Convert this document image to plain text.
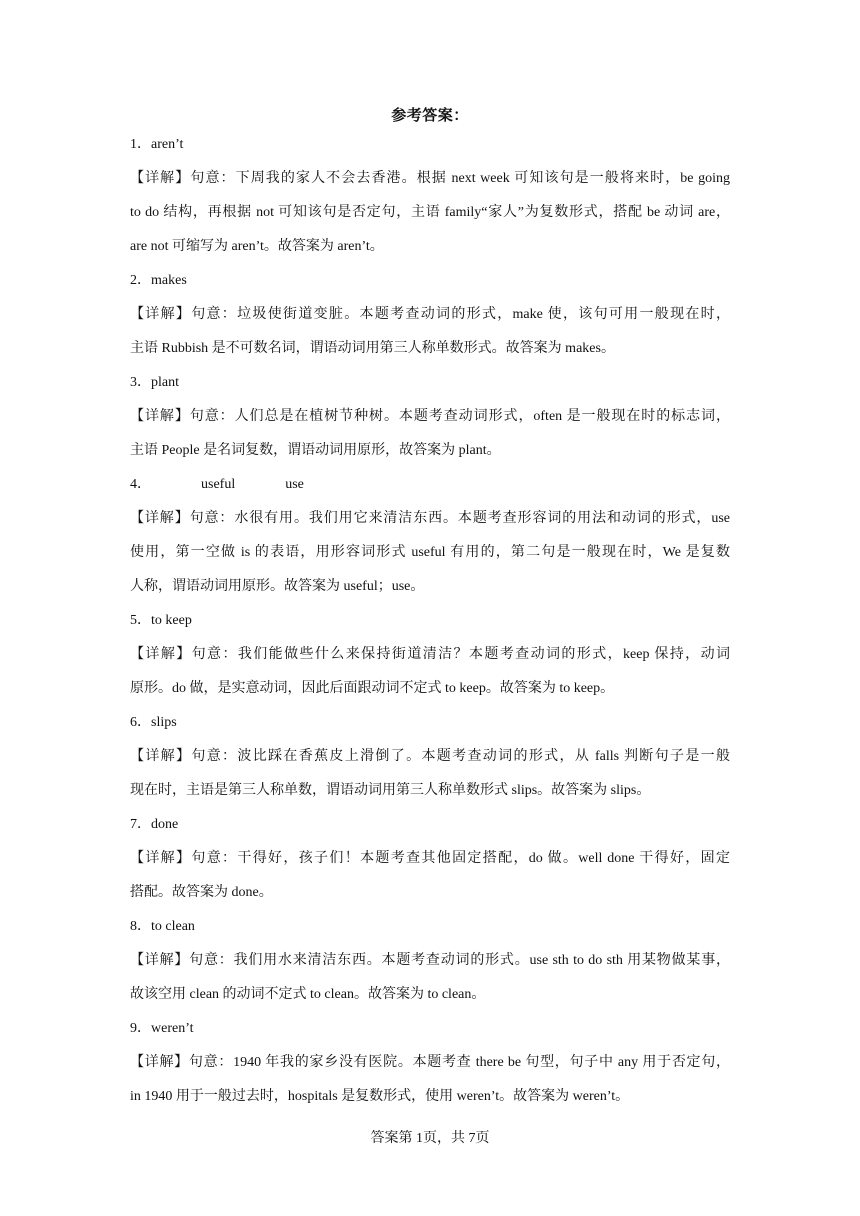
参考答案：
1．aren’t
【详解】句意：下周我的家人不会去香港。根据 next week 可知该句是一般将来时，be going
to do 结构，再根据 not 可知该句是否定句，主语 family“家人”为复数形式，搭配 be 动词 are，
are not 可缩写为 aren’t。故答案为 aren’t。
2．makes
【详解】句意：垃圾使街道变脏。本题考查动词的形式，make 使，该句可用一般现在时，
主语 Rubbish 是不可数名词，谓语动词用第三人称单数形式。故答案为 makes。
3．plant
【详解】句意：人们总是在植树节种树。本题考查动词形式，often 是一般现在时的标志词，
主语 People 是名词复数，谓语动词用原形，故答案为 plant。
4．	useful	use
【详解】句意：水很有用。我们用它来清洁东西。本题考查形容词的用法和动词的形式，use
使用，第一空做 is 的表语，用形容词形式 useful 有用的，第二句是一般现在时，We 是复数
人称，谓语动词用原形。故答案为 useful；use。
5．to keep
【详解】句意：我们能做些什么来保持街道清洁？本题考查动词的形式，keep 保持，动词
原形。do 做，是实意动词，因此后面跟动词不定式 to keep。故答案为 to keep。
6．slips
【详解】句意：波比踩在香蕉皮上滑倒了。本题考查动词的形式，从 falls 判断句子是一般
现在时，主语是第三人称单数，谓语动词用第三人称单数形式 slips。故答案为 slips。
7．done
【详解】句意：干得好，孩子们！本题考查其他固定搭配，do 做。well done 干得好，固定
搭配。故答案为 done。
8．to clean
【详解】句意：我们用水来清洁东西。本题考查动词的形式。use sth to do sth 用某物做某事，
故该空用 clean 的动词不定式 to clean。故答案为 to clean。
9．weren’t
【详解】句意：1940 年我的家乡没有医院。本题考查 there be 句型，句子中 any 用于否定句，
in 1940 用于一般过去时，hospitals 是复数形式，使用 weren’t。故答案为 weren’t。
答案第 1页，共 7页
